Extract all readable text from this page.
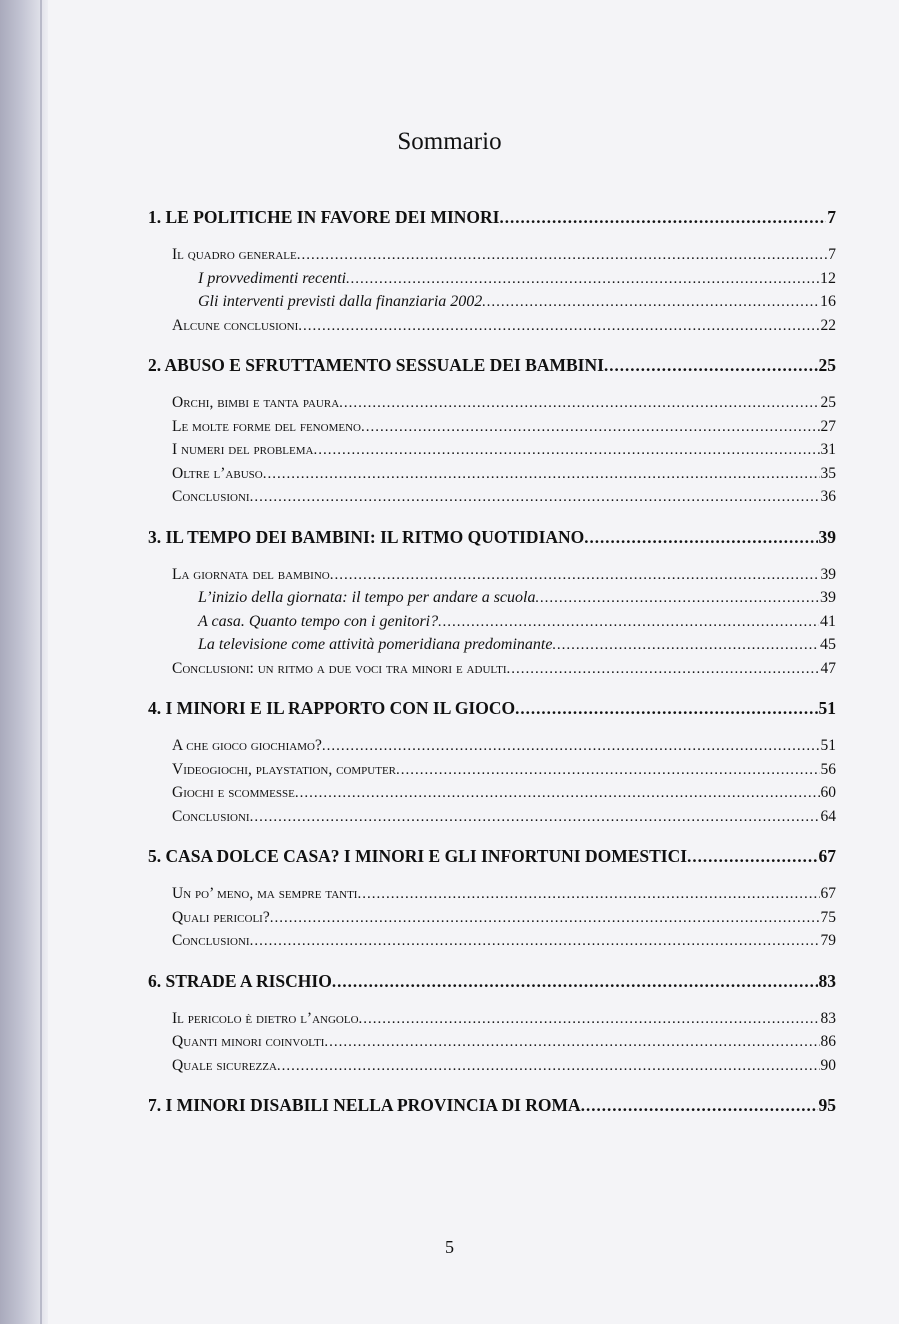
Sommario
1. LE POLITICHE IN FAVORE DEI MINORI .....	7
Il quadro generale .....	7
I provvedimenti recenti .....	12
Gli interventi previsti dalla finanziaria 2002 .....	16
Alcune conclusioni .....	22
2. ABUSO E SFRUTTAMENTO SESSUALE DEI BAMBINI .....	25
Orchi, bimbi e tanta paura .....	25
Le molte forme del fenomeno .....	27
I numeri del problema .....	31
Oltre l’abuso .....	35
Conclusioni .....	36
3. IL TEMPO DEI BAMBINI: IL RITMO QUOTIDIANO .....	39
La giornata del bambino .....	39
L’inizio della giornata: il tempo per andare a scuola .....	39
A casa. Quanto tempo con i genitori? .....	41
La televisione come attività pomeridiana predominante .....	45
Conclusioni: un ritmo a due voci tra minori e adulti .....	47
4. I MINORI E IL RAPPORTO CON IL GIOCO .....	51
A che gioco giochiamo? .....	51
Videogiochi, playstation, computer .....	56
Giochi e scommesse .....	60
Conclusioni .....	64
5. CASA DOLCE CASA? I MINORI E GLI INFORTUNI DOMESTICI .....	67
Un po’ meno, ma sempre tanti .....	67
Quali pericoli? .....	75
Conclusioni .....	79
6. STRADE A RISCHIO .....	83
Il pericolo è dietro l’angolo .....	83
Quanti minori coinvolti .....	86
Quale sicurezza .....	90
7. I MINORI DISABILI NELLA PROVINCIA DI ROMA .....	95
5
